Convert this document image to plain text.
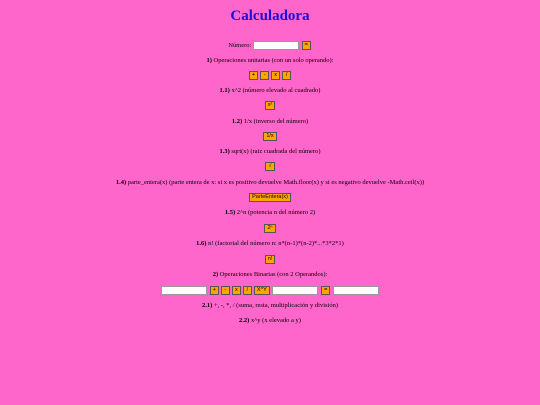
Calculadora
Número:	=
1) Operaciones unitarias (con un solo operando):
+ - x /
1.1) x^2 (número elevado al cuadrado)
x²
1.2) 1/x (inverso del número)
1/x
1.3) sqrt(x) (raiz cuadrada del número)
√
1.4) parte_entera(x) (parte entera de x: si x es positivo devuelve Math.floor(x) y si es negativo devuelve -Math.ceil(x))
ParteEntera(x)
1.5) 2^n (potencia n del número 2)
2ⁿ
1.6) n! (factorial del número n: n*(n-1)*(n-2)*...*3*2*1)
n!
2) Operaciones Binarias (con 2 Operandos):
+ - x / X^Y	=
2.1) +, -, *, / (suma, resta, multiplicación y división)
2.2) x^y (x elevado a y)
